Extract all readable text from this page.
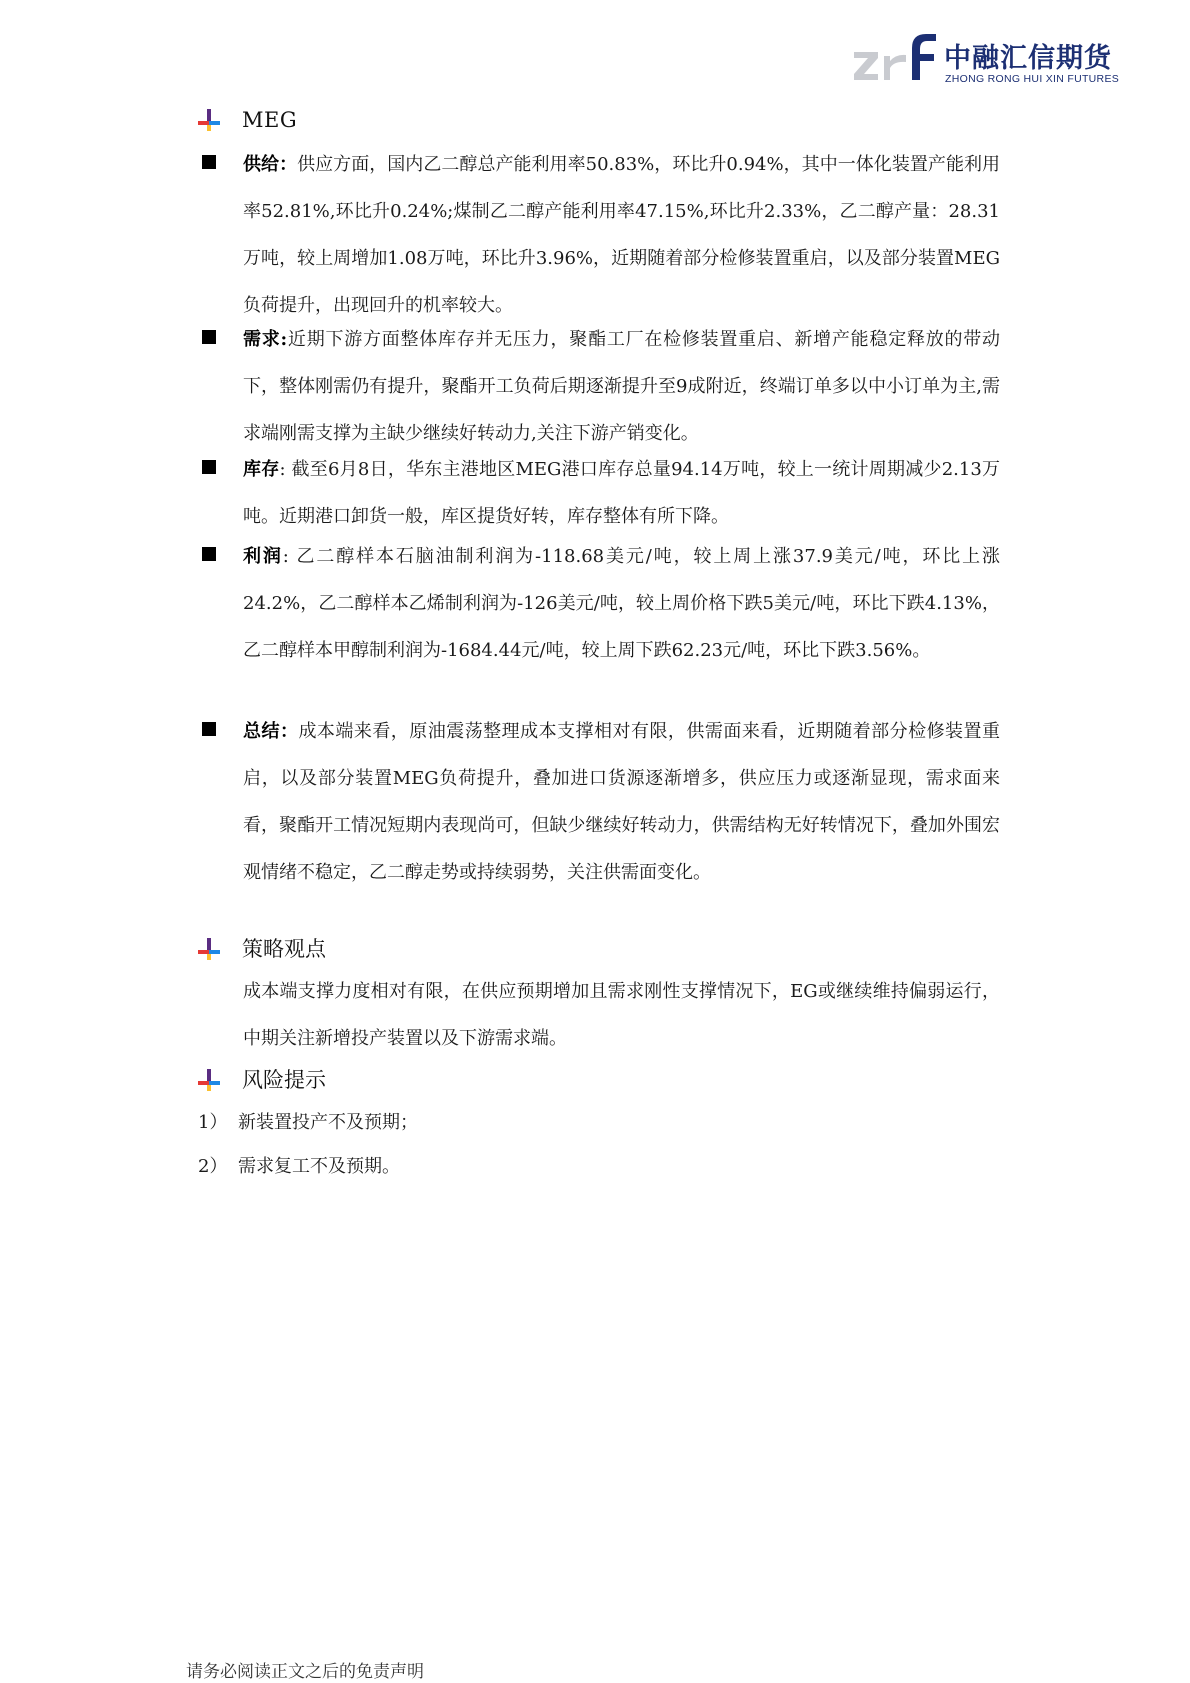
中融汇信期货
ZHONG RONG HUI XIN FUTURES
MEG

供给：供应方面，国内乙二醇总产能利用率50.83%，环比升0.94%，其中一体化装置产能利用率52.81%,环比升0.24%;煤制乙二醇产能利用率47.15%,环比升2.33%，乙二醇产量：28.31万吨，较上周增加1.08万吨，环比升3.96%，近期随着部分检修装置重启，以及部分装置MEG负荷提升，出现回升的机率较大。

需求:近期下游方面整体库存并无压力，聚酯工厂在检修装置重启、新增产能稳定释放的带动下，整体刚需仍有提升，聚酯开工负荷后期逐渐提升至9成附近，终端订单多以中小订单为主,需求端刚需支撑为主缺少继续好转动力,关注下游产销变化。

库存: 截至6月8日，华东主港地区MEG港口库存总量94.14万吨，较上一统计周期减少2.13万吨。近期港口卸货一般，库区提货好转，库存整体有所下降。

利润: 乙二醇样本石脑油制利润为-118.68美元/吨，较上周上涨37.9美元/吨，环比上涨24.2%，乙二醇样本乙烯制利润为-126美元/吨，较上周价格下跌5美元/吨，环比下跌4.13%，乙二醇样本甲醇制利润为-1684.44元/吨，较上周下跌62.23元/吨，环比下跌3.56%。

总结：成本端来看，原油震荡整理成本支撑相对有限，供需面来看，近期随着部分检修装置重启，以及部分装置MEG负荷提升，叠加进口货源逐渐增多，供应压力或逐渐显现，需求面来看，聚酯开工情况短期内表现尚可，但缺少继续好转动力，供需结构无好转情况下，叠加外围宏观情绪不稳定，乙二醇走势或持续弱势，关注供需面变化。

策略观点

成本端支撑力度相对有限，在供应预期增加且需求刚性支撑情况下，EG或继续维持偏弱运行，中期关注新增投产装置以及下游需求端。

风险提示
1） 新装置投产不及预期；
2） 需求复工不及预期。
请务必阅读正文之后的免责声明
